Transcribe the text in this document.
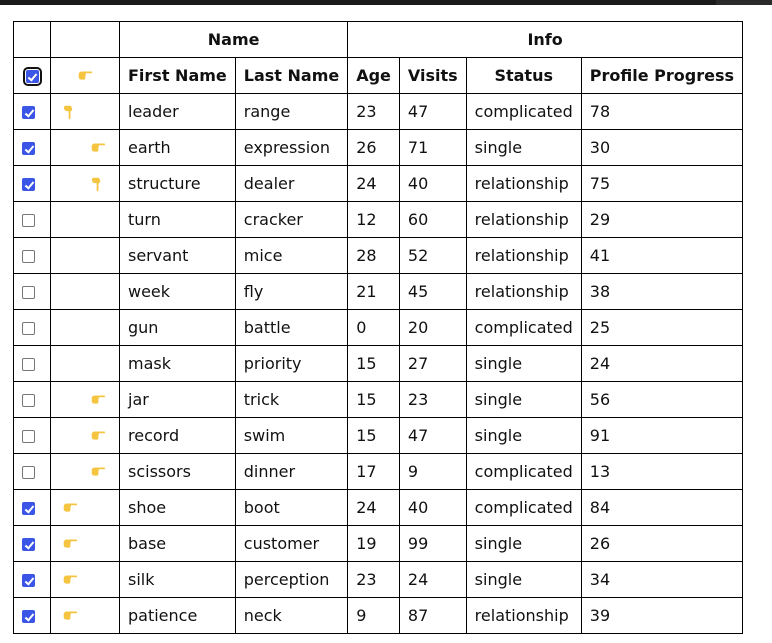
		Name		Info			

	First Name	Last Name	Age	Visits	Status	Profile Progress

	leader	range	23	47	complicated	78

	earth	expression	26	71	single	30

	structure	dealer	24	40	relationship	75

	turn	cracker	12	60	relationship	29

	servant	mice	28	52	relationship	41

	week	fly	21	45	relationship	38

	gun	battle	0	20	complicated	25

	mask	priority	15	27	single	24

	jar	trick	15	23	single	56

	record	swim	15	47	single	91

	scissors	dinner	17	9	complicated	13

	shoe	boot	24	40	complicated	84

	base	customer	19	99	single	26

	silk	perception	23	24	single	34

	patience	neck	9	87	relationship	39
